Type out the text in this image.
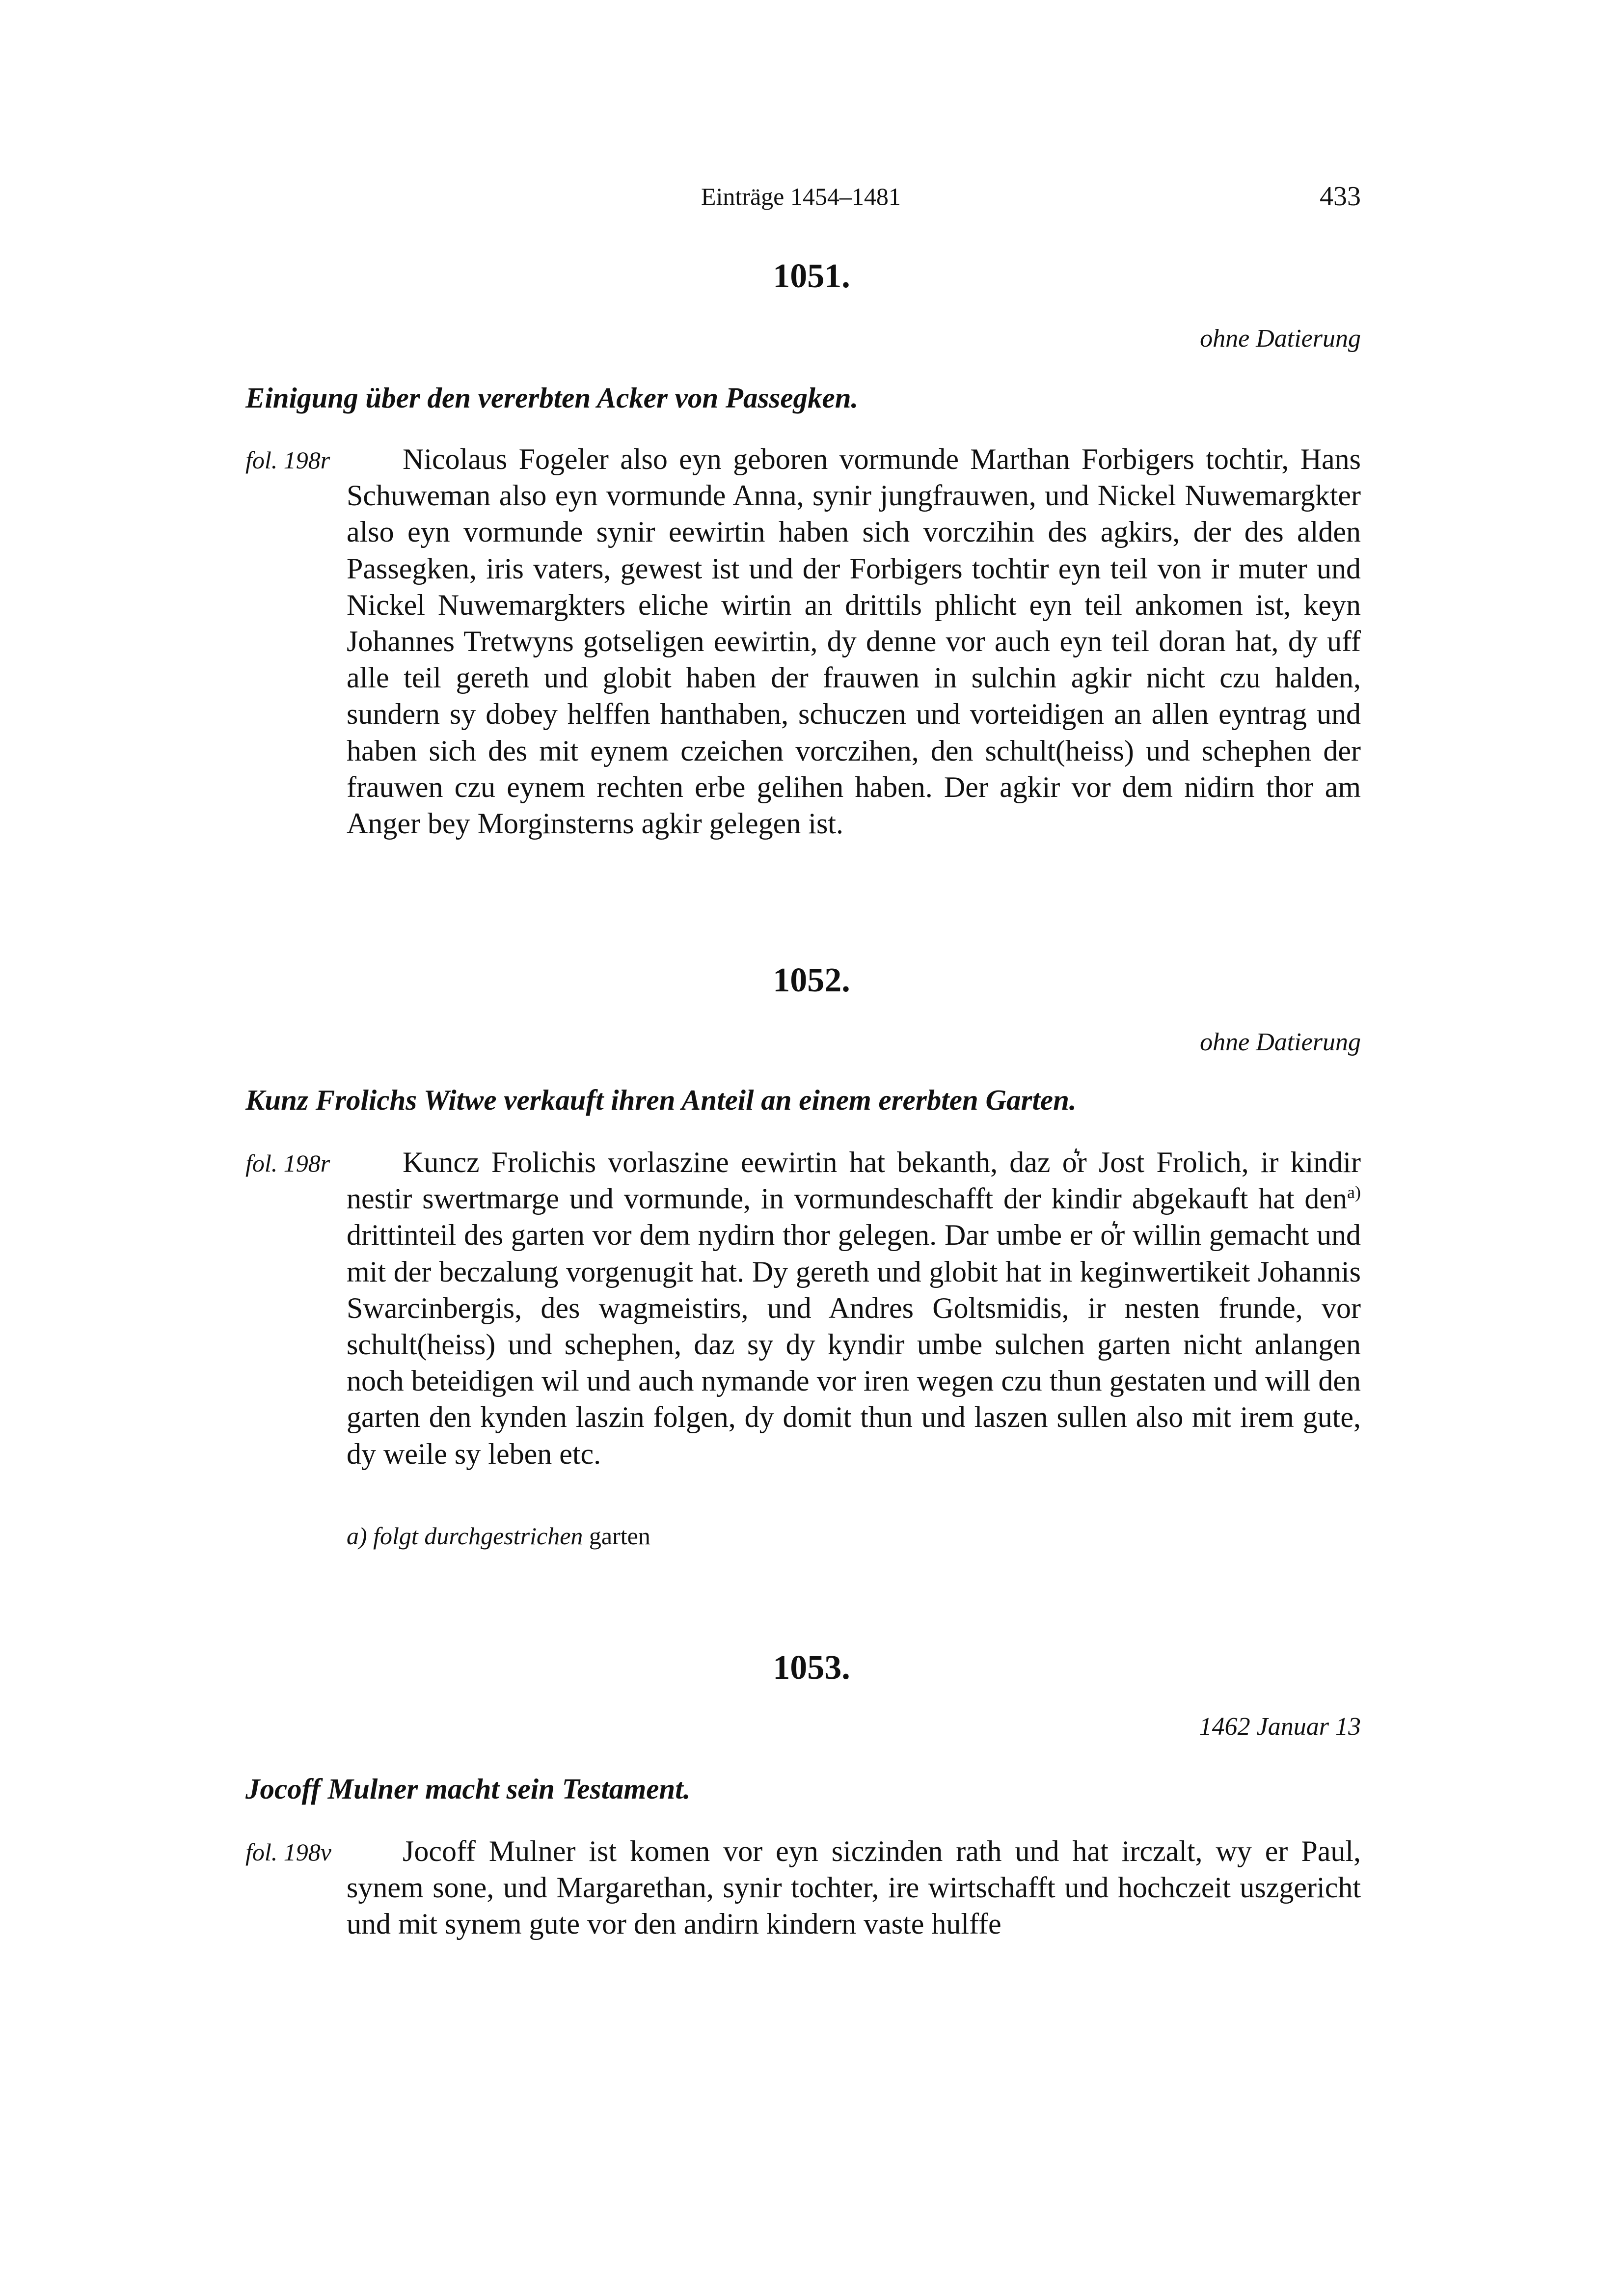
Einträge 1454–1481	433
1051.
ohne Datierung
Einigung über den vererbten Acker von Passegken.
fol. 198r	Nicolaus Fogeler also eyn geboren vormunde Marthan Forbigers tochtir, Hans Schuweman also eyn vormunde Anna, synir jungfrauwen, und Nickel Nuwemargkter also eyn vormunde synir eewirtin haben sich vorczihin des agkirs, der des alden Passegken, iris vaters, gewest ist und der Forbigers tochtir eyn teil von ir muter und Nickel Nuwemargkters eliche wirtin an drittils phlicht eyn teil ankomen ist, keyn Johannes Tretwyns gotseligen eewirtin, dy denne vor auch eyn teil doran hat, dy uff alle teil gereth und globit haben der frauwen in sulchin agkir nicht czu halden, sundern sy dobey helffen hanthaben, schuczen und vorteidigen an allen eyntrag und haben sich des mit eynem czeichen vorczihen, den schult(heiss) und schephen der frauwen czu eynem rechten erbe gelihen haben. Der agkir vor dem nidirn thor am Anger bey Morginsterns agkir gelegen ist.
1052.
ohne Datierung
Kunz Frolichs Witwe verkauft ihren Anteil an einem ererbten Garten.
fol. 198r	Kuncz Frolichis vorlaszine eewirtin hat bekanth, daz o͛r Jost Frolich, ir kindir nestir swertmarge und vormunde, in vormundeschafft der kindir abgekauft hat den$^{a)}$ drittinteil des garten vor dem nydirn thor gelegen. Dar umbe er o͛r willin gemacht und mit der beczalung vorgenugit hat. Dy gereth und globit hat in keginwertikeit Johannis Swarcinbergis, des wagmeistirs, und Andres Goltsmidis, ir nesten frunde, vor schult(heiss) und schephen, daz sy dy kyndir umbe sulchen garten nicht anlangen noch beteidigen wil und auch nymande vor iren wegen czu thun gestaten und will den garten den kynden laszin folgen, dy domit thun und laszen sullen also mit irem gute, dy weile sy leben etc.
a) folgt durchgestrichen garten
1053.
1462 Januar 13
Jocoff Mulner macht sein Testament.
fol. 198v	Jocoff Mulner ist komen vor eyn siczinden rath und hat irczalt, wy er Paul, synem sone, und Margarethan, synir tochter, ire wirtschafft und hochczeit uszgericht und mit synem gute vor den andirn kindern vaste hulffe
